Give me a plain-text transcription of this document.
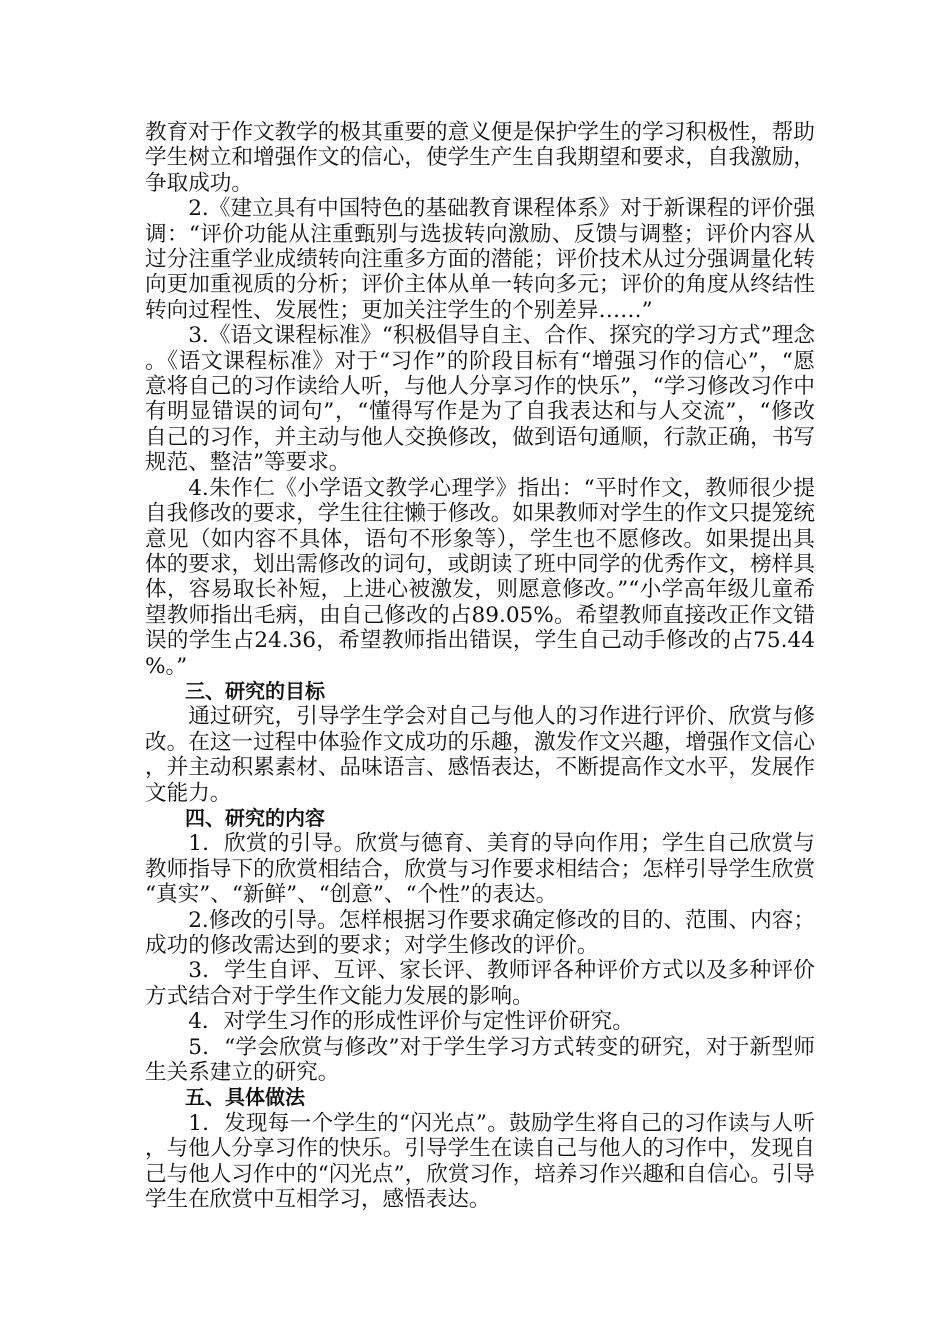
教育对于作文教学的极其重要的意义便是保护学生的学习积极性，帮助学生树立和增强作文的信心，使学生产生自我期望和要求，自我激励，争取成功。

2.《建立具有中国特色的基础教育课程体系》对于新课程的评价强调：“评价功能从注重甄别与选拔转向激励、反馈与调整；评价内容从过分注重学业成绩转向注重多方面的潜能；评价技术从过分强调量化转向更加重视质的分析；评价主体从单一转向多元；评价的角度从终结性转向过程性、发展性；更加关注学生的个别差异……”

3.《语文课程标准》“积极倡导自主、合作、探究的学习方式”理念。《语文课程标准》对于“习作”的阶段目标有“增强习作的信心”，“愿意将自己的习作读给人听，与他人分享习作的快乐”，“学习修改习作中有明显错误的词句”，“懂得写作是为了自我表达和与人交流”，“修改自己的习作，并主动与他人交换修改，做到语句通顺，行款正确，书写规范、整洁”等要求。

4.朱作仁《小学语文教学心理学》指出：“平时作文，教师很少提自我修改的要求，学生往往懒于修改。如果教师对学生的作文只提笼统意见（如内容不具体，语句不形象等），学生也不愿修改。如果提出具体的要求，划出需修改的词句，或朗读了班中同学的优秀作文，榜样具体，容易取长补短，上进心被激发，则愿意修改。”“小学高年级儿童希望教师指出毛病，由自己修改的占89.05%。希望教师直接改正作文错误的学生占24.36，希望教师指出错误，学生自己动手修改的占75.44%。”

三、研究的目标

通过研究，引导学生学会对自己与他人的习作进行评价、欣赏与修改。在这一过程中体验作文成功的乐趣，激发作文兴趣，增强作文信心，并主动积累素材、品味语言、感悟表达，不断提高作文水平，发展作文能力。

四、研究的内容

1．欣赏的引导。欣赏与德育、美育的导向作用；学生自己欣赏与教师指导下的欣赏相结合，欣赏与习作要求相结合；怎样引导学生欣赏“真实”、“新鲜”、“创意”、“个性”的表达。

2.修改的引导。怎样根据习作要求确定修改的目的、范围、内容；成功的修改需达到的要求；对学生修改的评价。

3．学生自评、互评、家长评、教师评各种评价方式以及多种评价方式结合对于学生作文能力发展的影响。

4．对学生习作的形成性评价与定性评价研究。

5．“学会欣赏与修改”对于学生学习方式转变的研究，对于新型师生关系建立的研究。

五、具体做法

1．发现每一个学生的“闪光点”。鼓励学生将自己的习作读与人听，与他人分享习作的快乐。引导学生在读自己与他人的习作中，发现自己与他人习作中的“闪光点”，欣赏习作，培养习作兴趣和自信心。引导学生在欣赏中互相学习，感悟表达。
